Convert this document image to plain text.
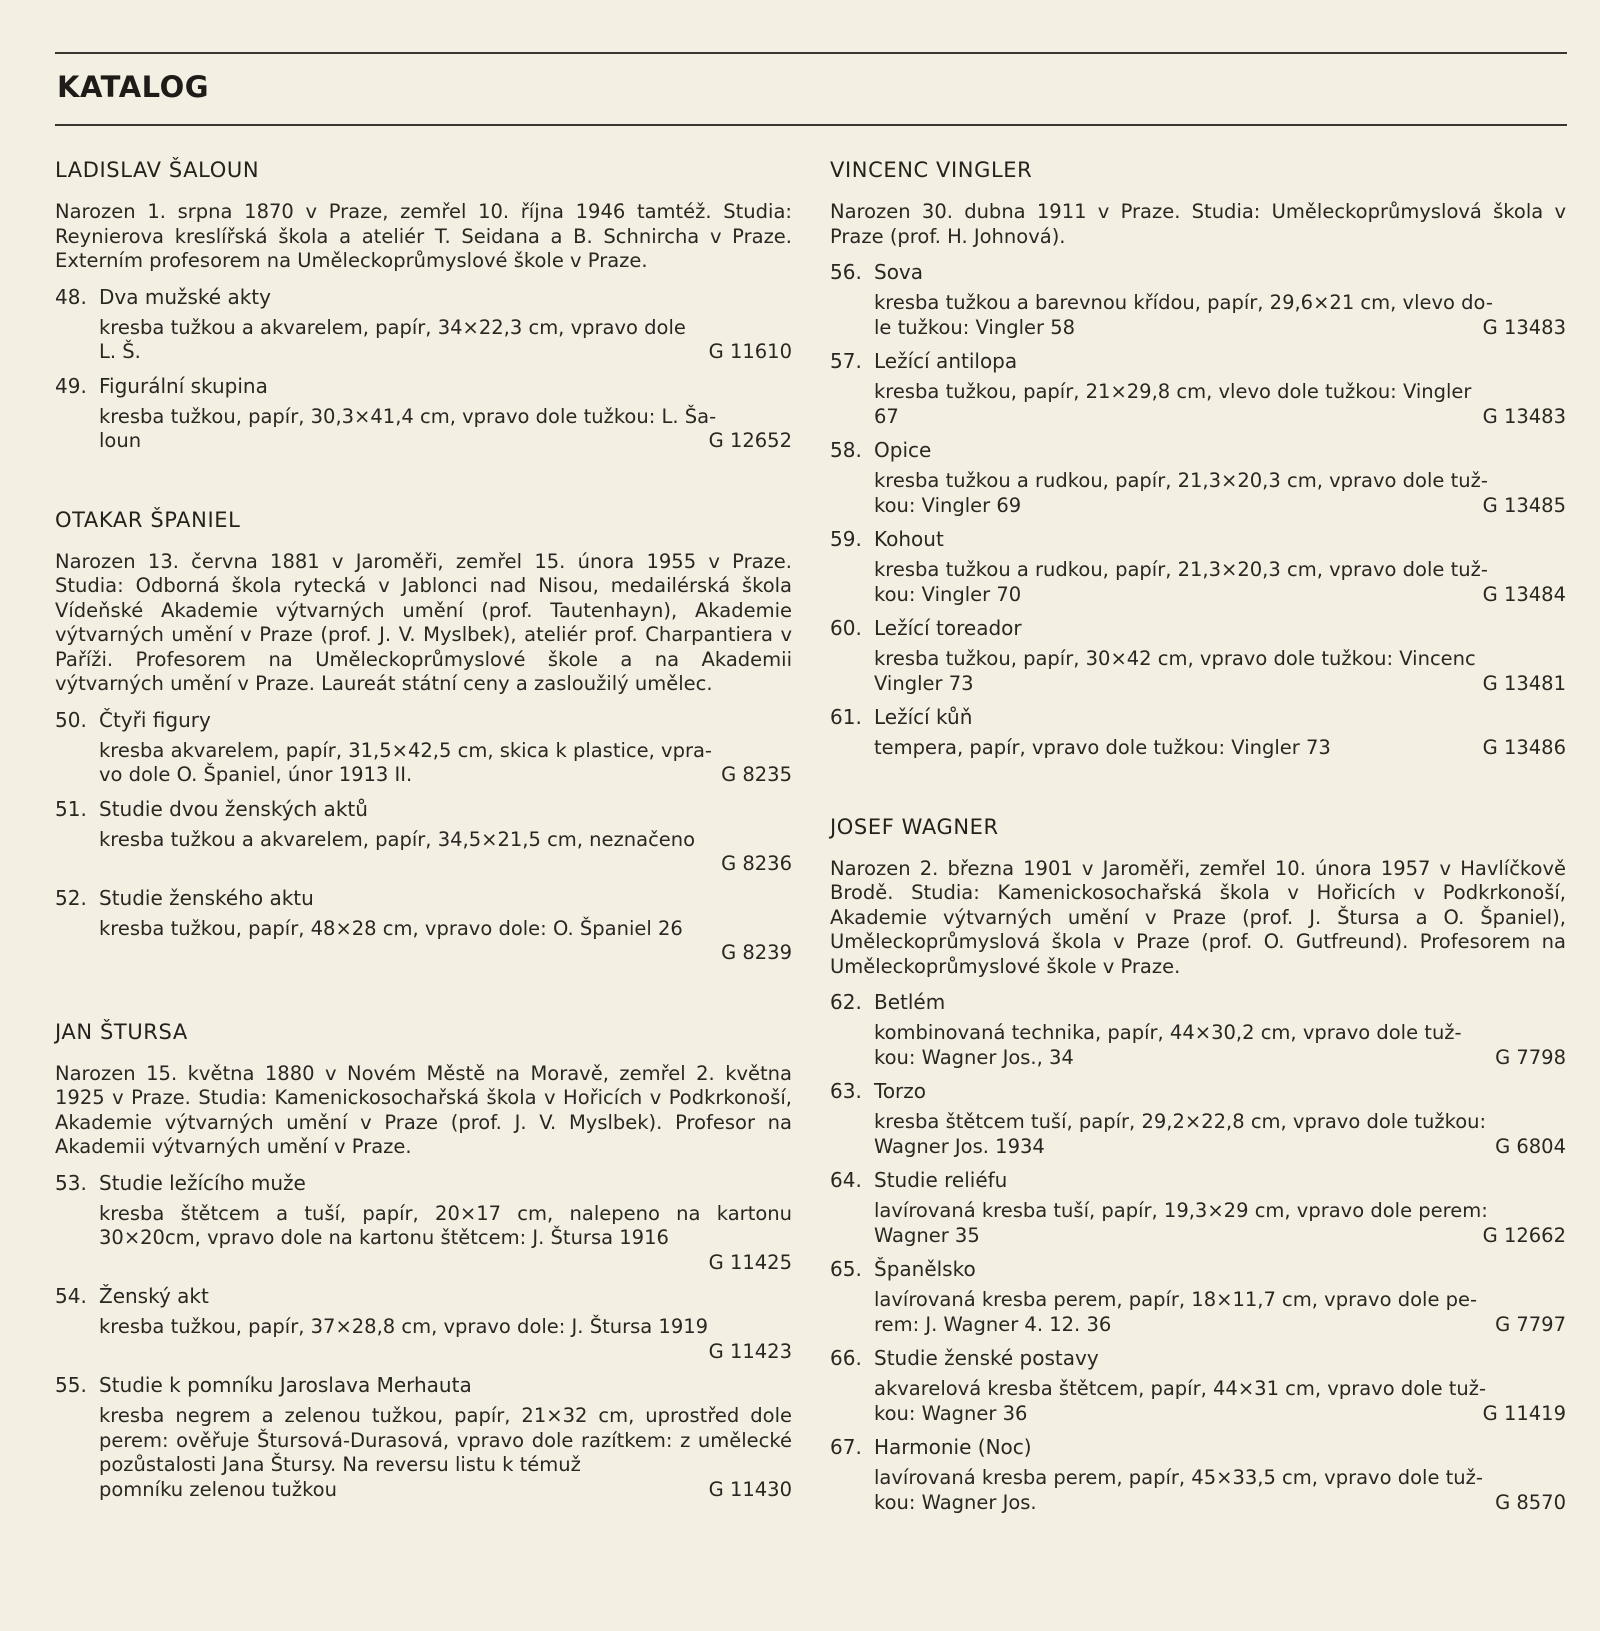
KATALOG
LADISLAV ŠALOUN
Narozen 1. srpna 1870 v Praze, zemřel 10. října 1946 tamtéž. Studia: Reynierova kreslířská škola a ateliér T. Seidana a B. Schnircha v Praze. Externím profesorem na Uměleckoprůmyslové škole v Praze.
48. Dva mužské akty
kresba tužkou a akvarelem, papír, 34×22,3 cm, vpravo dole
L. Š.	G 11610
49. Figurální skupina
kresba tužkou, papír, 30,3×41,4 cm, vpravo dole tužkou: L. Ša-
loun	G 12652
OTAKAR ŠPANIEL
Narozen 13. června 1881 v Jaroměři, zemřel 15. února 1955 v Praze. Studia: Odborná škola rytecká v Jablonci nad Nisou, medailérská škola Vídeňské Akademie výtvarných umění (prof. Tautenhayn), Akademie výtvarných umění v Praze (prof. J. V. Myslbek), ateliér prof. Charpantiera v Paříži. Profesorem na Uměleckoprůmyslové škole a na Akademii výtvarných umění v Praze. Laureát státní ceny a zasloužilý umělec.
50. Čtyři figury
kresba akvarelem, papír, 31,5×42,5 cm, skica k plastice, vpra-
vo dole O. Španiel, únor 1913 II.	G 8235
51. Studie dvou ženských aktů
kresba tužkou a akvarelem, papír, 34,5×21,5 cm, neznačeno
G 8236
52. Studie ženského aktu
kresba tužkou, papír, 48×28 cm, vpravo dole: O. Španiel 26
G 8239
JAN ŠTURSA
Narozen 15. května 1880 v Novém Městě na Moravě, zemřel 2. května 1925 v Praze. Studia: Kamenickosochařská škola v Hořicích v Podkrkonoší, Akademie výtvarných umění v Praze (prof. J. V. Myslbek). Profesor na Akademii výtvarných umění v Praze.
53. Studie ležícího muže
kresba štětcem a tuší, papír, 20×17 cm, nalepeno na kartonu 30×20cm, vpravo dole na kartonu štětcem: J. Štursa 1916
G 11425
54. Ženský akt
kresba tužkou, papír, 37×28,8 cm, vpravo dole: J. Štursa 1919
G 11423
55. Studie k pomníku Jaroslava Merhauta
kresba negrem a zelenou tužkou, papír, 21×32 cm, uprostřed dole perem: ověřuje Štursová-Durasová, vpravo dole razítkem: z umělecké pozůstalosti Jana Štursy. Na reversu listu k témuž
pomníku zelenou tužkou	G 11430
VINCENC VINGLER
Narozen 30. dubna 1911 v Praze. Studia: Uměleckoprůmyslová škola v Praze (prof. H. Johnová).
56. Sova
kresba tužkou a barevnou křídou, papír, 29,6×21 cm, vlevo do-
le tužkou: Vingler 58	G 13483
57. Ležící antilopa
kresba tužkou, papír, 21×29,8 cm, vlevo dole tužkou: Vingler
67	G 13483
58. Opice
kresba tužkou a rudkou, papír, 21,3×20,3 cm, vpravo dole tuž-
kou: Vingler 69	G 13485
59. Kohout
kresba tužkou a rudkou, papír, 21,3×20,3 cm, vpravo dole tuž-
kou: Vingler 70	G 13484
60. Ležící toreador
kresba tužkou, papír, 30×42 cm, vpravo dole tužkou: Vincenc
Vingler 73	G 13481
61. Ležící kůň
tempera, papír, vpravo dole tužkou: Vingler 73	G 13486
JOSEF WAGNER
Narozen 2. března 1901 v Jaroměři, zemřel 10. února 1957 v Havlíčkově Brodě. Studia: Kamenickosochařská škola v Hořicích v Podkrkonoší, Akademie výtvarných umění v Praze (prof. J. Štursa a O. Španiel), Uměleckoprůmyslová škola v Praze (prof. O. Gutfreund). Profesorem na Uměleckoprůmyslové škole v Praze.
62. Betlém
kombinovaná technika, papír, 44×30,2 cm, vpravo dole tuž-
kou: Wagner Jos., 34	G 7798
63. Torzo
kresba štětcem tuší, papír, 29,2×22,8 cm, vpravo dole tužkou:
Wagner Jos. 1934	G 6804
64. Studie reliéfu
lavírovaná kresba tuší, papír, 19,3×29 cm, vpravo dole perem:
Wagner 35	G 12662
65. Španělsko
lavírovaná kresba perem, papír, 18×11,7 cm, vpravo dole pe-
rem: J. Wagner 4. 12. 36	G 7797
66. Studie ženské postavy
akvarelová kresba štětcem, papír, 44×31 cm, vpravo dole tuž-
kou: Wagner 36	G 11419
67. Harmonie (Noc)
lavírovaná kresba perem, papír, 45×33,5 cm, vpravo dole tuž-
kou: Wagner Jos.	G 8570
